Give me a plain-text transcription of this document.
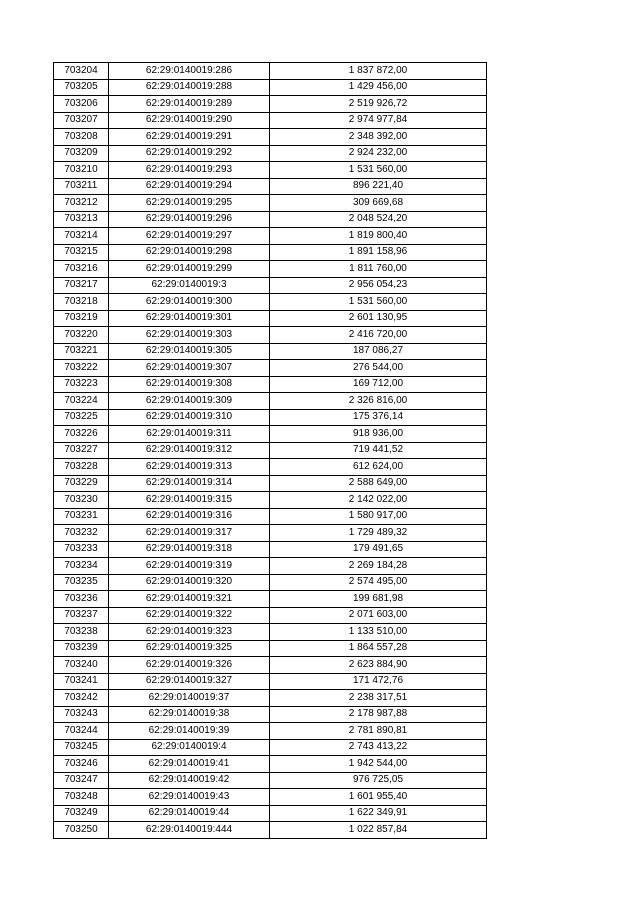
703204	62:29:0140019:286	1 837 872,00
703205	62:29:0140019:288	1 429 456,00
703206	62:29:0140019:289	2 519 926,72
703207	62:29:0140019:290	2 974 977,84
703208	62:29:0140019:291	2 348 392,00
703209	62:29:0140019:292	2 924 232,00
703210	62:29:0140019:293	1 531 560,00
703211	62:29:0140019:294	896 221,40
703212	62:29:0140019:295	309 669,68
703213	62:29:0140019:296	2 048 524,20
703214	62:29:0140019:297	1 819 800,40
703215	62:29:0140019:298	1 891 158,96
703216	62:29:0140019:299	1 811 760,00
703217	62:29:0140019:3	2 956 054,23
703218	62:29:0140019:300	1 531 560,00
703219	62:29:0140019:301	2 601 130,95
703220	62:29:0140019:303	2 416 720,00
703221	62:29:0140019:305	187 086,27
703222	62:29:0140019:307	276 544,00
703223	62:29:0140019:308	169 712,00
703224	62:29:0140019:309	2 326 816,00
703225	62:29:0140019:310	175 376,14
703226	62:29:0140019:311	918 936,00
703227	62:29:0140019:312	719 441,52
703228	62:29:0140019:313	612 624,00
703229	62:29:0140019:314	2 588 649,00
703230	62:29:0140019:315	2 142 022,00
703231	62:29:0140019:316	1 580 917,00
703232	62:29:0140019:317	1 729 489,32
703233	62:29:0140019:318	179 491,65
703234	62:29:0140019:319	2 269 184,28
703235	62:29:0140019:320	2 574 495,00
703236	62:29:0140019:321	199 681,98
703237	62:29:0140019:322	2 071 603,00
703238	62:29:0140019:323	1 133 510,00
703239	62:29:0140019:325	1 864 557,28
703240	62:29:0140019:326	2 623 884,90
703241	62:29:0140019:327	171 472,76
703242	62:29:0140019:37	2 238 317,51
703243	62:29:0140019:38	2 178 987,88
703244	62:29:0140019:39	2 781 890,81
703245	62:29:0140019:4	2 743 413,22
703246	62:29:0140019:41	1 942 544,00
703247	62:29:0140019:42	976 725,05
703248	62:29:0140019:43	1 601 955,40
703249	62:29:0140019:44	1 622 349,91
703250	62:29:0140019:444	1 022 857,84
